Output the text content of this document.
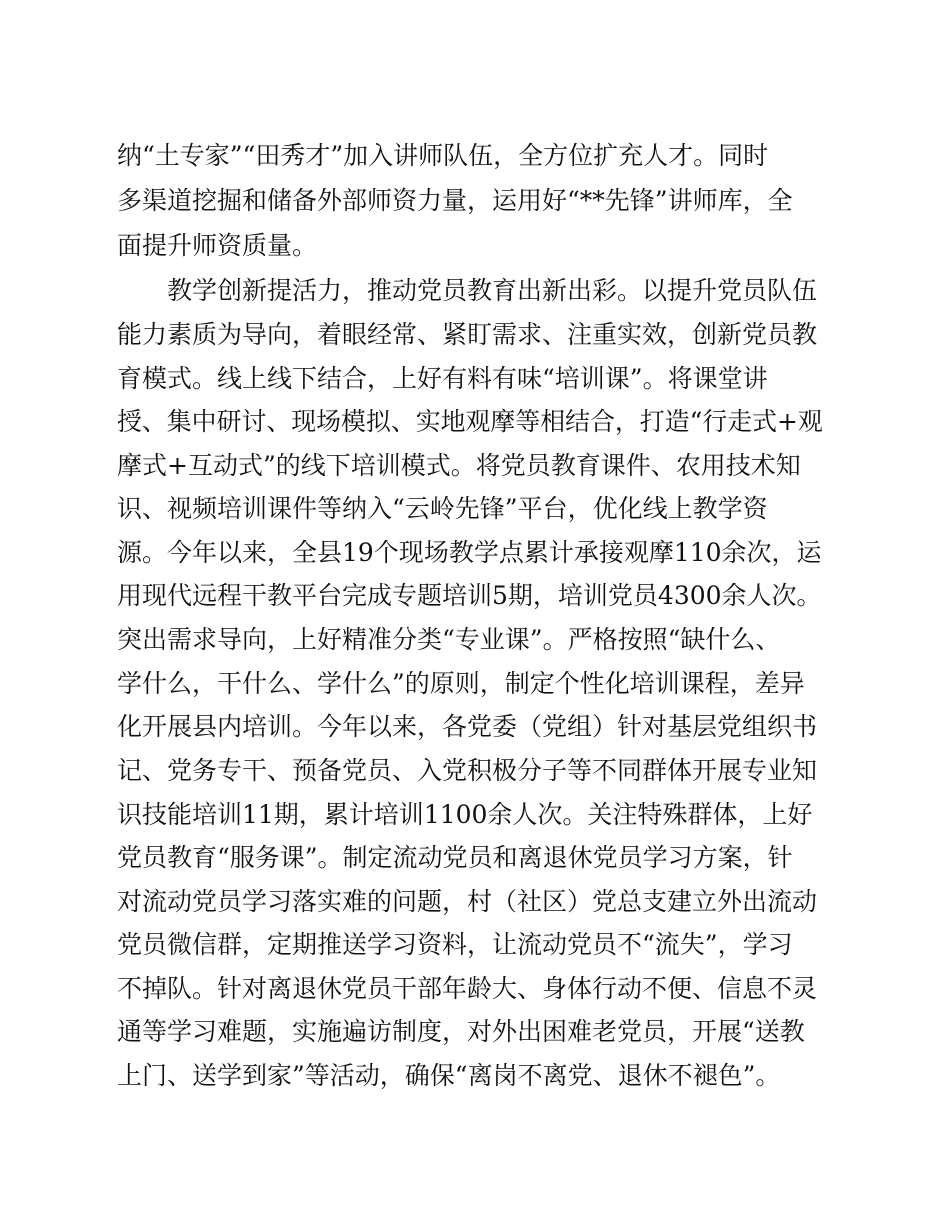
纳“土专家”“田秀才”加入讲师队伍，全方位扩充人才。同时
多渠道挖掘和储备外部师资力量，运用好“**先锋”讲师库，全
面提升师资质量。
　　教学创新提活力，推动党员教育出新出彩。以提升党员队伍
能力素质为导向，着眼经常、紧盯需求、注重实效，创新党员教
育模式。线上线下结合，上好有料有味“培训课”。将课堂讲
授、集中研讨、现场模拟、实地观摩等相结合，打造“行走式+观
摩式+互动式”的线下培训模式。将党员教育课件、农用技术知
识、视频培训课件等纳入“云岭先锋”平台，优化线上教学资
源。今年以来，全县19个现场教学点累计承接观摩110余次，运
用现代远程干教平台完成专题培训5期，培训党员4300余人次。
突出需求导向，上好精准分类“专业课”。严格按照“缺什么、
学什么，干什么、学什么”的原则，制定个性化培训课程，差异
化开展县内培训。今年以来，各党委（党组）针对基层党组织书
记、党务专干、预备党员、入党积极分子等不同群体开展专业知
识技能培训11期，累计培训1100余人次。关注特殊群体，上好
党员教育“服务课”。制定流动党员和离退休党员学习方案，针
对流动党员学习落实难的问题，村（社区）党总支建立外出流动
党员微信群，定期推送学习资料，让流动党员不“流失”，学习
不掉队。针对离退休党员干部年龄大、身体行动不便、信息不灵
通等学习难题，实施遍访制度，对外出困难老党员，开展“送教
上门、送学到家”等活动，确保“离岗不离党、退休不褪色”。
